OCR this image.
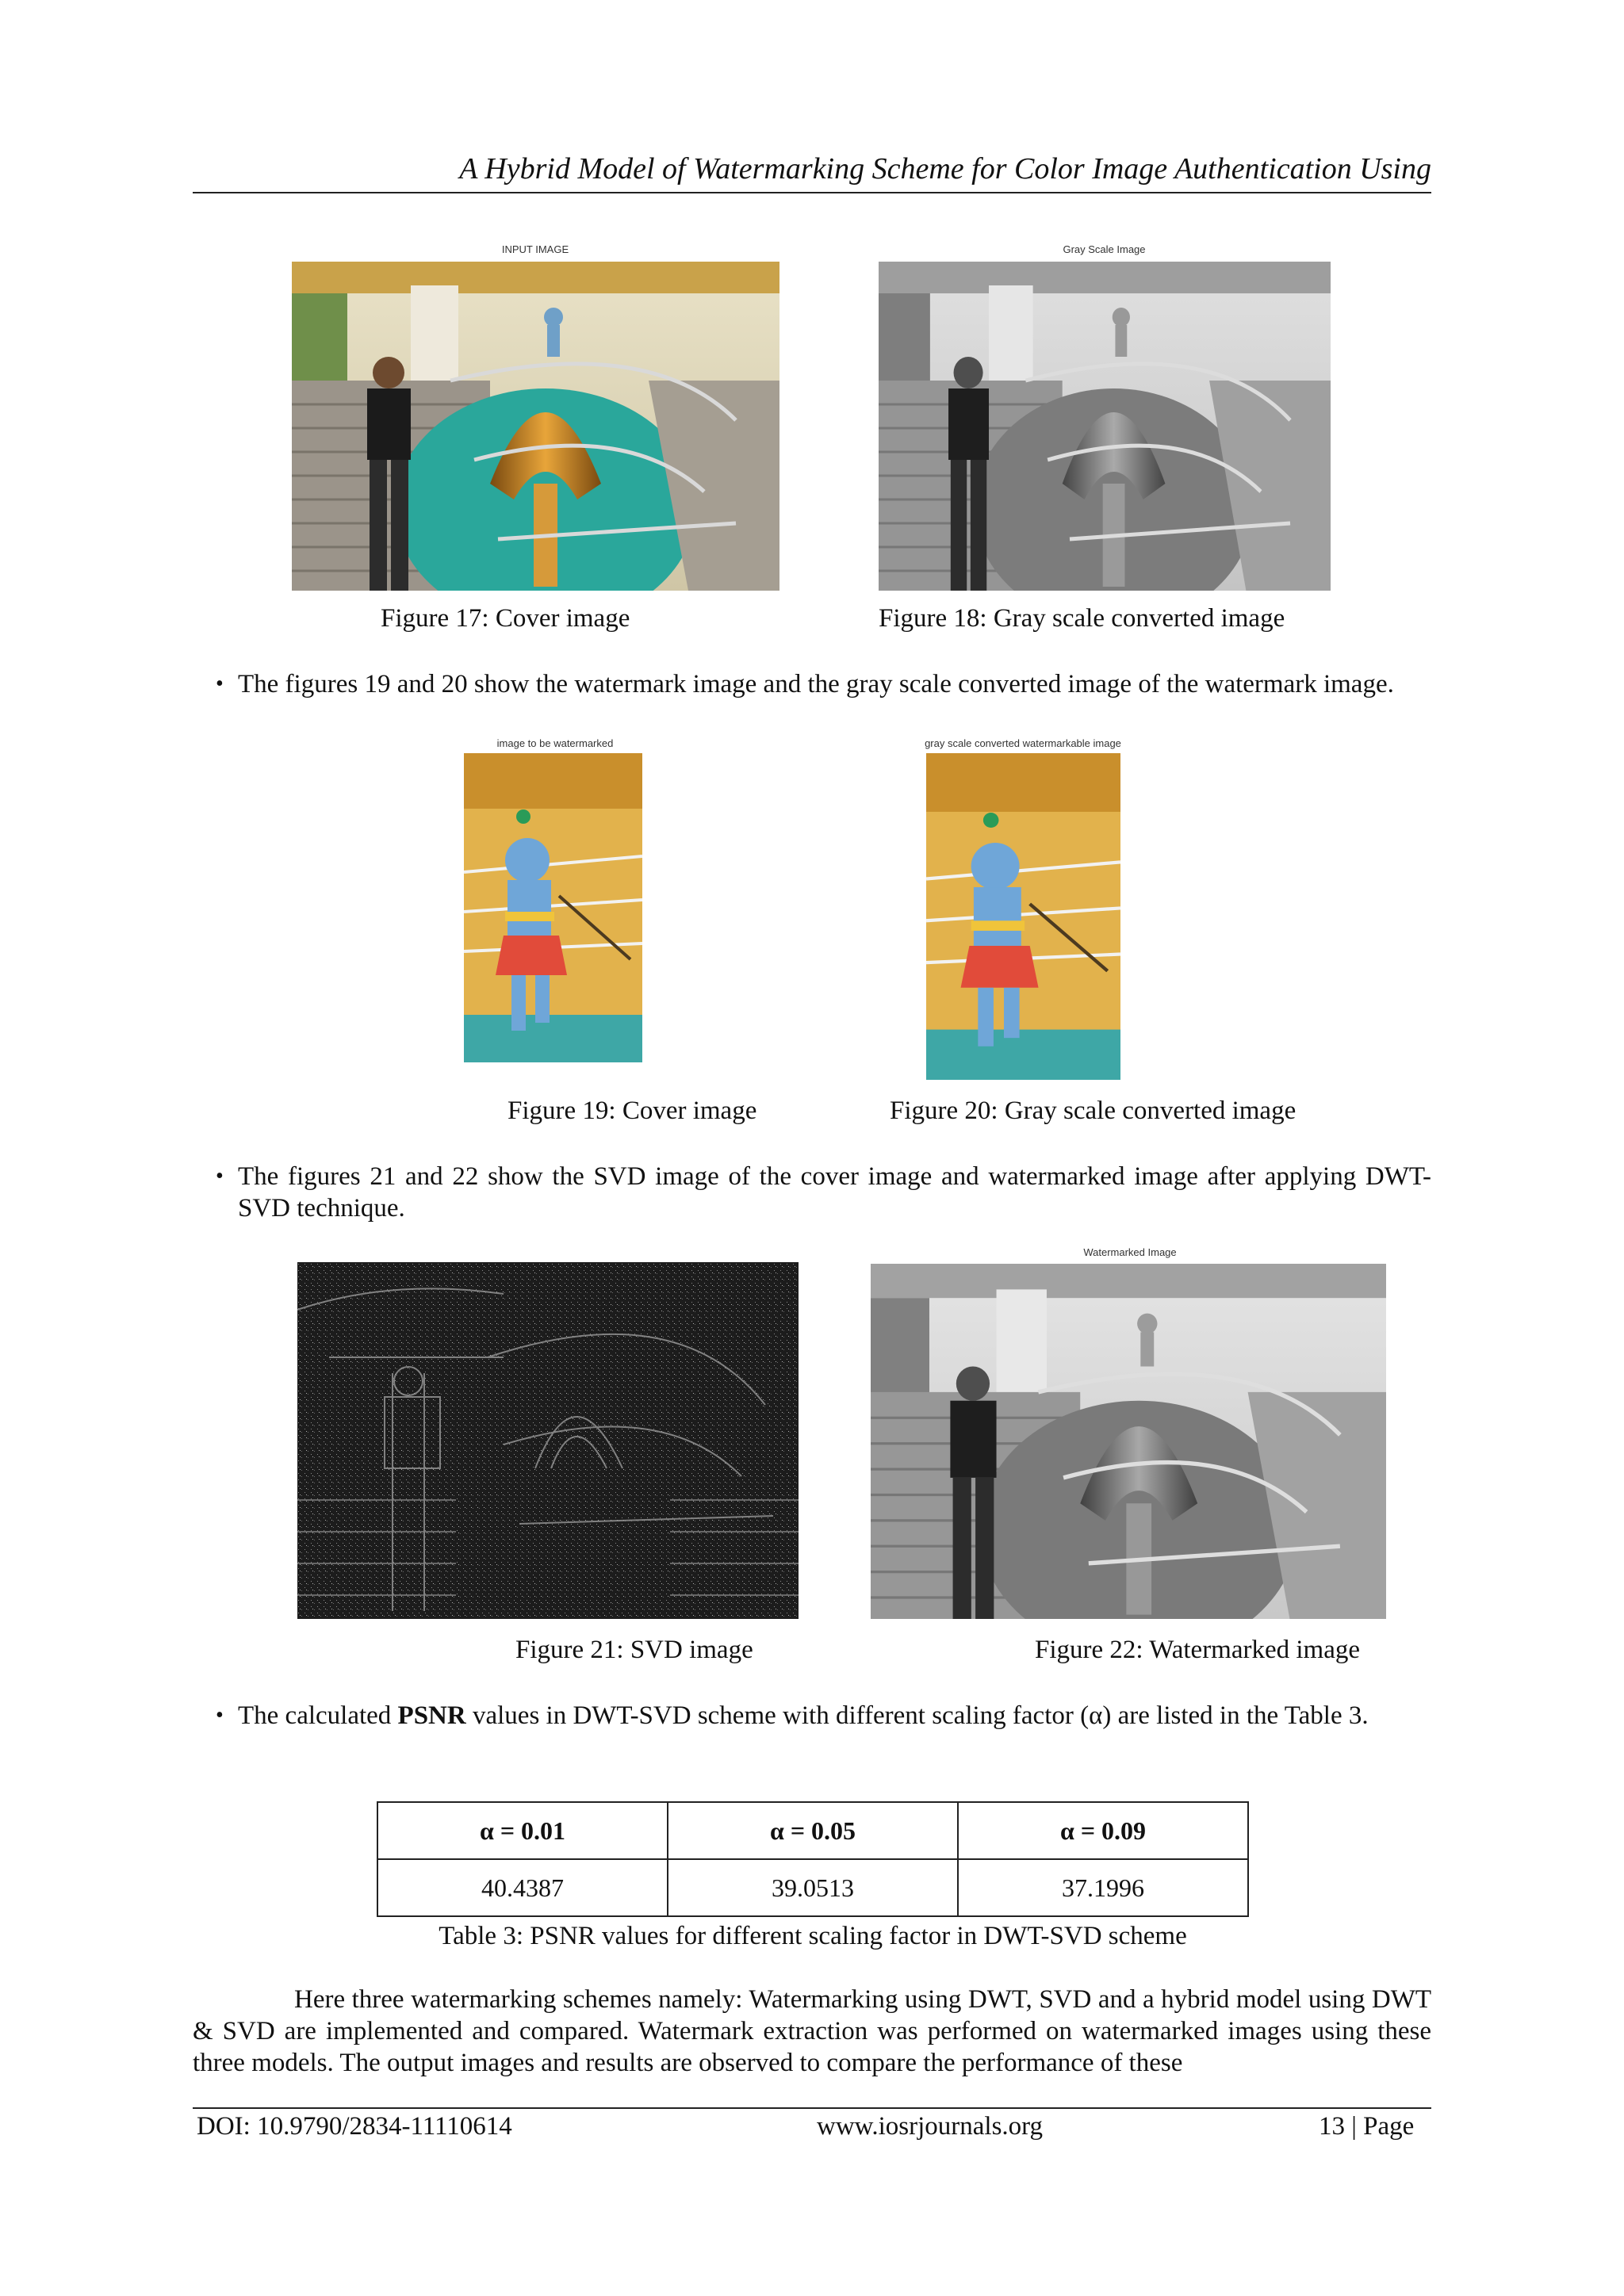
A Hybrid Model of Watermarking Scheme for Color Image Authentication Using
INPUT IMAGE	Gray Scale Image
Figure 17: Cover image	Figure 18: Gray scale converted image
• The figures 19 and 20 show the watermark image and the gray scale converted image of the watermark image.
image to be watermarked	gray scale converted watermarkable image
Figure 19: Cover image	Figure 20: Gray scale converted image
• The figures 21 and 22 show the SVD image of the cover image and watermarked image after applying DWT-SVD technique.
Watermarked Image
Figure 21: SVD image	Figure 22: Watermarked image
• The calculated PSNR values in DWT-SVD scheme with different scaling factor (α) are listed in the Table 3.
α = 0.01	α = 0.05	α = 0.09
40.4387	39.0513	37.1996
Table 3: PSNR values for different scaling factor in DWT-SVD scheme
Here three watermarking schemes namely: Watermarking using DWT, SVD and a hybrid model using DWT & SVD are implemented and compared. Watermark extraction was performed on watermarked images using these three models. The output images and results are observed to compare the performance of these
DOI: 10.9790/2834-11110614	www.iosrjournals.org	13 | Page
